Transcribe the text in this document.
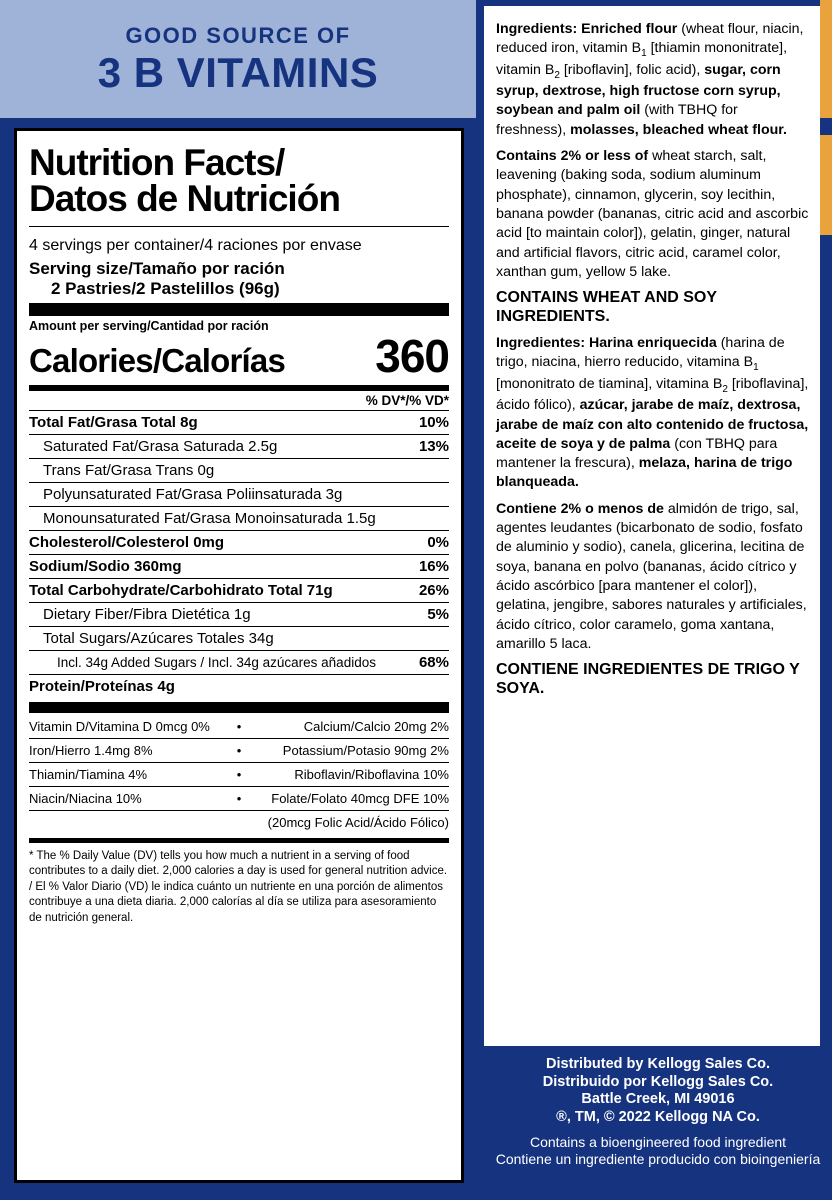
GOOD SOURCE OF
3 B VITAMINS
Nutrition Facts/
Datos de Nutrición
4 servings per container/4 raciones por envase
Serving size/Tamaño por ración
2 Pastries/2 Pastelillos (96g)
Amount per serving/Cantidad por ración
Calories/Calorías 360
% DV*/% VD*
Total Fat/Grasa Total 8g	10%
Saturated Fat/Grasa Saturada 2.5g	13%
Trans Fat/Grasa Trans 0g
Polyunsaturated Fat/Grasa Poliinsaturada 3g
Monounsaturated Fat/Grasa Monoinsaturada 1.5g
Cholesterol/Colesterol 0mg	0%
Sodium/Sodio 360mg	16%
Total Carbohydrate/Carbohidrato Total 71g	26%
Dietary Fiber/Fibra Dietética 1g	5%
Total Sugars/Azúcares Totales 34g
Incl. 34g Added Sugars / Incl. 34g azúcares añadidos	68%
Protein/Proteínas 4g
Vitamin D/Vitamina D 0mcg 0%	•	Calcium/Calcio 20mg 2%
Iron/Hierro 1.4mg 8%	•	Potassium/Potasio 90mg 2%
Thiamin/Tiamina 4%	•	Riboflavin/Riboflavina 10%
Niacin/Niacina 10%	•	Folate/Folato 40mcg DFE 10%
		(20mcg Folic Acid/Ácido Fólico)
* The % Daily Value (DV) tells you how much a nutrient in a serving of food contributes to a daily diet. 2,000 calories a day is used for general nutrition advice. / El % Valor Diario (VD) le indica cuánto un nutriente en una porción de alimentos contribuye a una dieta diaria. 2,000 calorías al día se utiliza para asesoramiento de nutrición general.

Ingredients: Enriched flour (wheat flour, niacin, reduced iron, vitamin $B_1$ [thiamin mononitrate], vitamin $B_2$ [riboflavin], folic acid), sugar, corn syrup, dextrose, high fructose corn syrup, soybean and palm oil (with TBHQ for freshness), molasses, bleached wheat flour.

Contains 2% or less of wheat starch, salt, leavening (baking soda, sodium aluminum phosphate), cinnamon, glycerin, soy lecithin, banana powder (bananas, citric acid and ascorbic acid [to maintain color]), gelatin, ginger, natural and artificial flavors, citric acid, caramel color, xanthan gum, yellow 5 lake.

CONTAINS WHEAT AND SOY INGREDIENTS.

Ingredientes: Harina enriquecida (harina de trigo, niacina, hierro reducido, vitamina $B_1$ [mononitrato de tiamina], vitamina $B_2$ [riboflavina], ácido fólico), azúcar, jarabe de maíz, dextrosa, jarabe de maíz con alto contenido de fructosa, aceite de soya y de palma (con TBHQ para mantener la frescura), melaza, harina de trigo blanqueada.

Contiene 2% o menos de almidón de trigo, sal, agentes leudantes (bicarbonato de sodio, fosfato de aluminio y sodio), canela, glicerina, lecitina de soya, banana en polvo (bananas, ácido cítrico y ácido ascórbico [para mantener el color]), gelatina, jengibre, sabores naturales y artificiales, ácido cítrico, color caramelo, goma xantana, amarillo 5 laca.

CONTIENE INGREDIENTES DE TRIGO Y SOYA.

Distributed by Kellogg Sales Co.
Distribuido por Kellogg Sales Co.
Battle Creek, MI 49016
®, TM, © 2022 Kellogg NA Co.
Contains a bioengineered food ingredient
Contiene un ingrediente producido con bioingeniería
